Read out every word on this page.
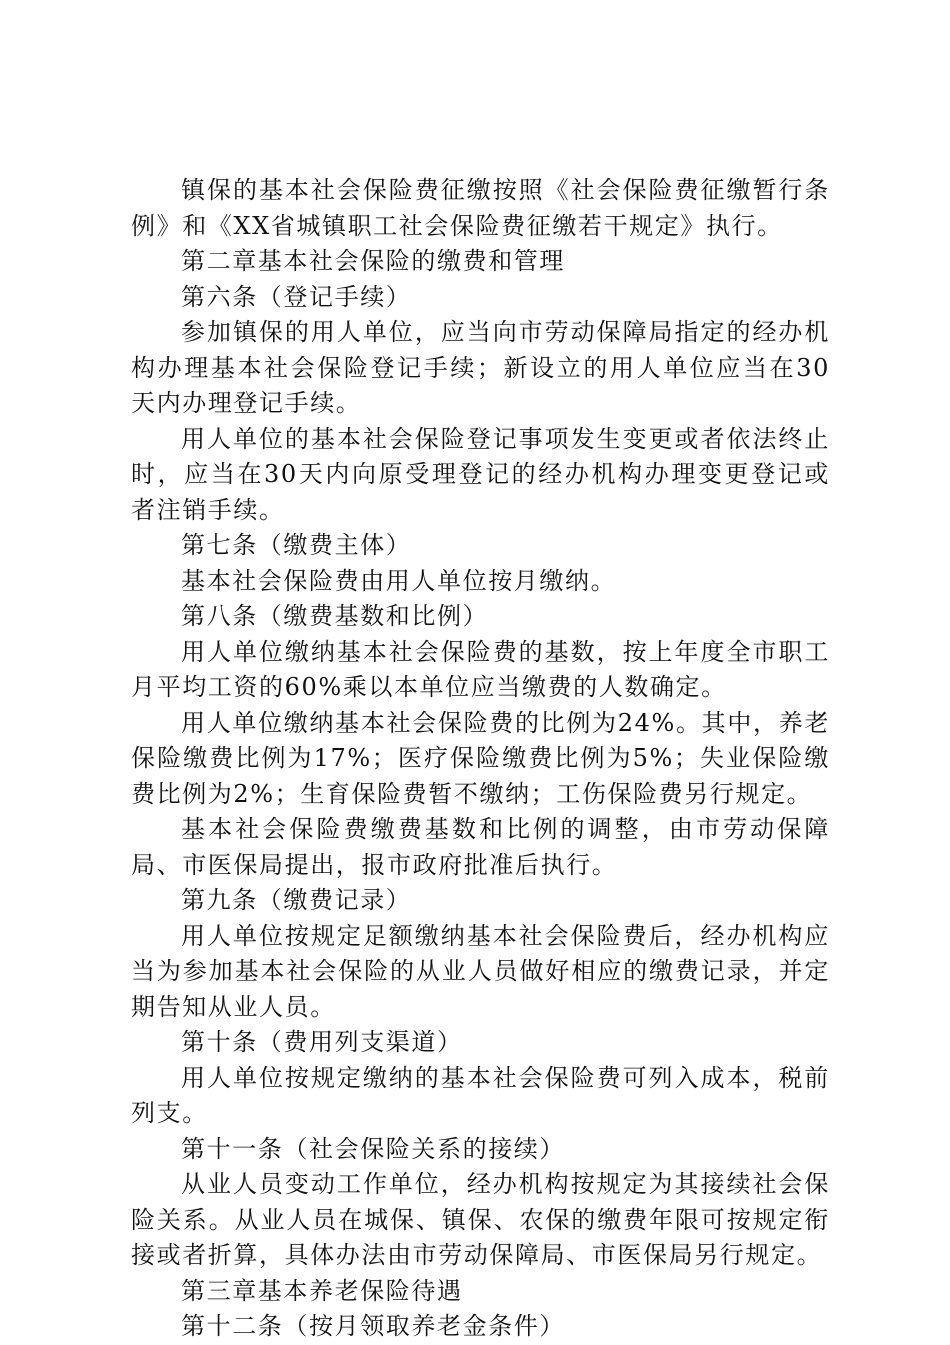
镇保的基本社会保险费征缴按照《社会保险费征缴暂行条例》和《XX省城镇职工社会保险费征缴若干规定》执行。

第二章基本社会保险的缴费和管理

第六条（登记手续）

参加镇保的用人单位，应当向市劳动保障局指定的经办机构办理基本社会保险登记手续；新设立的用人单位应当在30天内办理登记手续。

用人单位的基本社会保险登记事项发生变更或者依法终止时，应当在30天内向原受理登记的经办机构办理变更登记或者注销手续。

第七条（缴费主体）

基本社会保险费由用人单位按月缴纳。

第八条（缴费基数和比例）

用人单位缴纳基本社会保险费的基数，按上年度全市职工月平均工资的60%乘以本单位应当缴费的人数确定。

用人单位缴纳基本社会保险费的比例为24%。其中，养老保险缴费比例为17%；医疗保险缴费比例为5%；失业保险缴费比例为2%；生育保险费暂不缴纳；工伤保险费另行规定。

基本社会保险费缴费基数和比例的调整，由市劳动保障局、市医保局提出，报市政府批准后执行。

第九条（缴费记录）

用人单位按规定足额缴纳基本社会保险费后，经办机构应当为参加基本社会保险的从业人员做好相应的缴费记录，并定期告知从业人员。

第十条（费用列支渠道）

用人单位按规定缴纳的基本社会保险费可列入成本，税前列支。

第十一条（社会保险关系的接续）

从业人员变动工作单位，经办机构按规定为其接续社会保险关系。从业人员在城保、镇保、农保的缴费年限可按规定衔接或者折算，具体办法由市劳动保障局、市医保局另行规定。

第三章基本养老保险待遇

第十二条（按月领取养老金条件）
